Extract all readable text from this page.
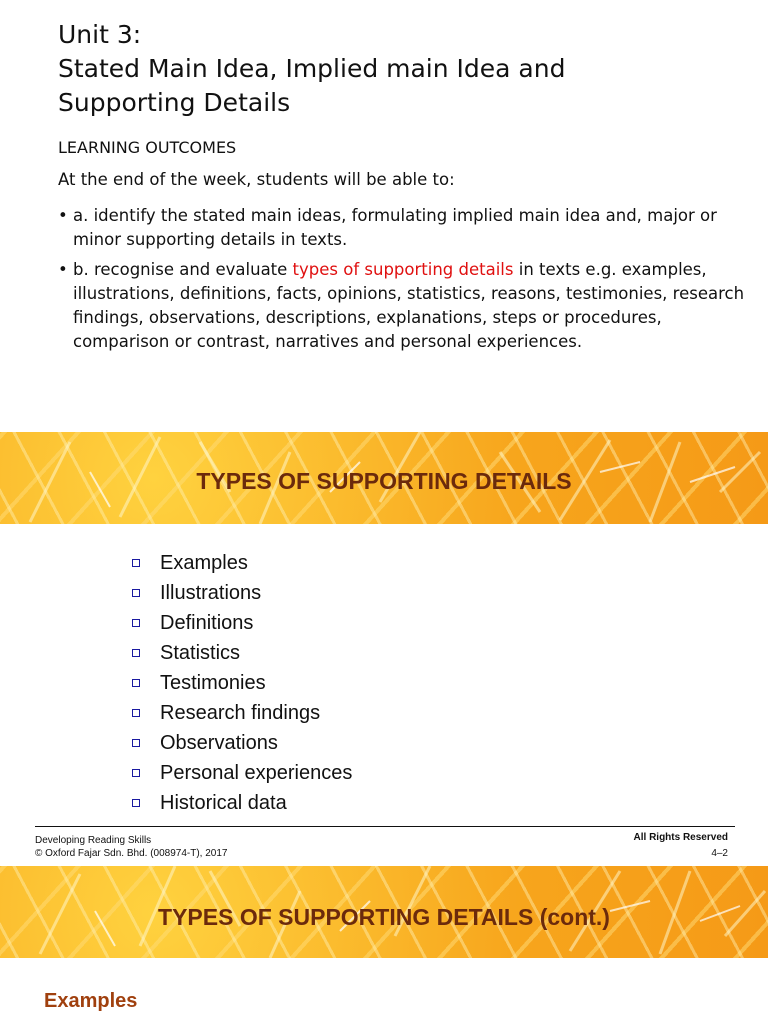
Unit 3:
Stated Main Idea, Implied main Idea and
Supporting Details
LEARNING OUTCOMES
At the end of the week, students will be able to:
• a. identify the stated main ideas, formulating implied main idea and, major or minor supporting details in texts.
• b. recognise and evaluate types of supporting details in texts e.g. examples, illustrations, definitions, facts, opinions, statistics, reasons, testimonies, research findings, observations, descriptions, explanations, steps or procedures, comparison or contrast, narratives and personal experiences.
TYPES OF SUPPORTING DETAILS
Examples
Illustrations
Definitions
Statistics
Testimonies
Research findings
Observations
Personal experiences
Historical data
Developing Reading Skills
© Oxford Fajar Sdn. Bhd. (008974-T), 2017
All Rights Reserved
4–2
TYPES OF SUPPORTING DETAILS (cont.)
Examples
